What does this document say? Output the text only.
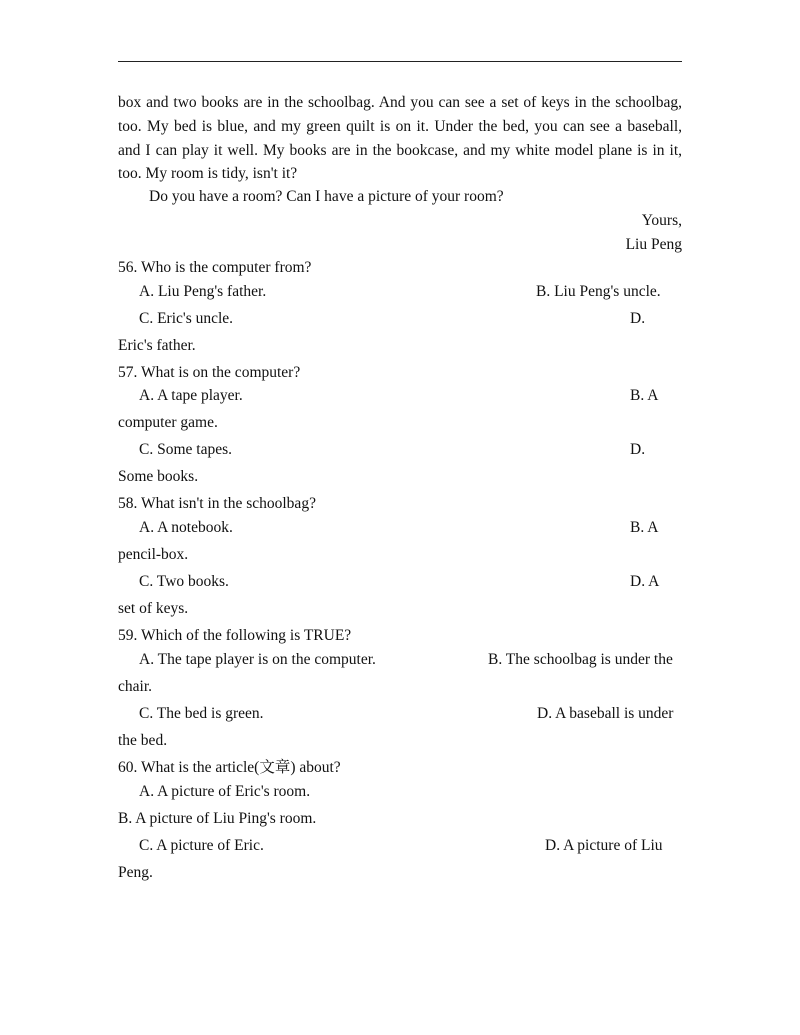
box and two books are in the schoolbag. And you can see a set of keys in the schoolbag,
too. My bed is blue, and my green quilt is on it. Under the bed, you can see a baseball,
and I can play it well. My books are in the bookcase, and my white model plane is in it,
too. My room is tidy, isn't it?
Do you have a room? Can I have a picture of your room?
Yours,
Liu Peng
56. Who is the computer from?
A. Liu Peng's father.	B. Liu Peng's uncle.
C. Eric's uncle.	D.
Eric's father.
57. What is on the computer?
A. A tape player.	B. A
computer game.
C. Some tapes.	D.
Some books.
58. What isn't in the schoolbag?
A. A notebook.	B. A
pencil-box.
C. Two books.	D. A
set of keys.
59. Which of the following is TRUE?
A. The tape player is on the computer.	B. The schoolbag is under the
chair.
C. The bed is green.	D. A baseball is under
the bed.
60. What is the article(文章) about?
A. A picture of Eric's room.
B. A picture of Liu Ping's room.
C. A picture of Eric.	D. A picture of Liu
Peng.
